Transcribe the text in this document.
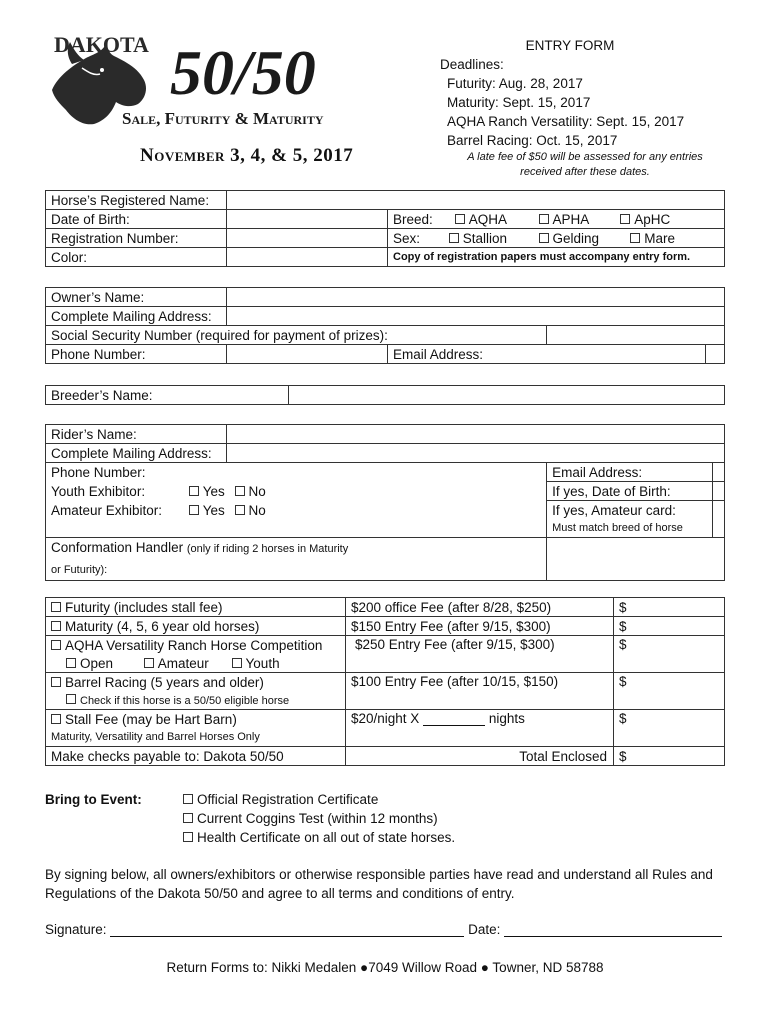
DAKOTA 50/50
Sale, Futurity & Maturity
November 3, 4, & 5, 2017
ENTRY FORM
Deadlines:
Futurity: Aug. 28, 2017
Maturity: Sept. 15, 2017
AQHA Ranch Versatility: Sept. 15, 2017
Barrel Racing: Oct. 15, 2017
A late fee of $50 will be assessed for any entries
received after these dates.
Horse’s Registered Name:		
Date of Birth:		Breed: AQHA APHA ApHC
Registration Number:		Sex: Stallion Gelding Mare
Color:		Copy of registration papers must accompany entry form.
Owner’s Name:				
Complete Mailing Address:				
Social Security Number (required for payment of prizes):				
Phone Number:		Email Address:		
Breeder’s Name:	
Rider’s Name:			
Complete Mailing Address:			
Phone Number:		Email Address:	
Youth Exhibitor: Yes No		If yes, Date of Birth:	
Amateur Exhibitor: Yes No		If yes, Amateur card:	
		Must match breed of horse	
Conformation Handler (only if riding 2 horses in Maturity
or Futurity):			
Futurity (includes stall fee)	$200 office Fee (after 8/28, $250)	$
Maturity (4, 5, 6 year old horses)	$150 Entry Fee (after 9/15, $300)	$
AQHA Versatility Ranch Horse Competition	$250 Entry Fee (after 9/15, $300)	$
Open Amateur Youth		
Barrel Racing (5 years and older)	$100 Entry Fee (after 10/15, $150)	$
Check if this horse is a 50/50 eligible horse		
Stall Fee (may be Hart Barn)	$20/night X nights	$
Maturity, Versatility and Barrel Horses Only		
Make checks payable to: Dakota 50/50	Total Enclosed	$
Bring to Event:	Official Registration Certificate
Current Coggins Test (within 12 months)
Health Certificate on all out of state horses.
By signing below, all owners/exhibitors or otherwise responsible parties have read and understand all Rules and Regulations of the Dakota 50/50 and agree to all terms and conditions of entry.
Signature:	Date:
Return Forms to: Nikki Medalen ●7049 Willow Road ● Towner, ND 58788
